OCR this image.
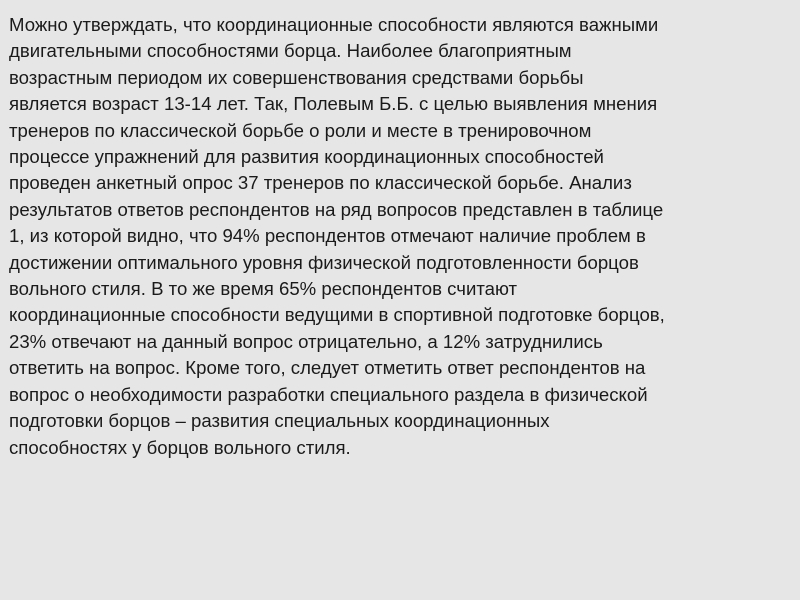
Можно утверждать, что координационные способности являются важными
двигательными способностями борца. Наиболее благоприятным
возрастным периодом их совершенствования средствами борьбы
является возраст 13-14 лет. Так, Полевым Б.Б. с целью выявления мнения
тренеров по классической борьбе о роли и месте в тренировочном
процессе упражнений для развития координационных способностей
проведен анкетный опрос 37 тренеров по классической борьбе. Анализ
результатов ответов респондентов на ряд вопросов представлен в таблице
1, из которой видно, что 94% респондентов отмечают наличие проблем в
достижении оптимального уровня физической подготовленности борцов
вольного стиля. В то же время 65% респондентов считают
координационные способности ведущими в спортивной подготовке борцов,
23% отвечают на данный вопрос отрицательно, а 12% затруднились
ответить на вопрос. Кроме того, следует отметить ответ респондентов на
вопрос о необходимости разработки специального раздела в физической
подготовки борцов – развития специальных координационных
способностях у борцов вольного стиля.
